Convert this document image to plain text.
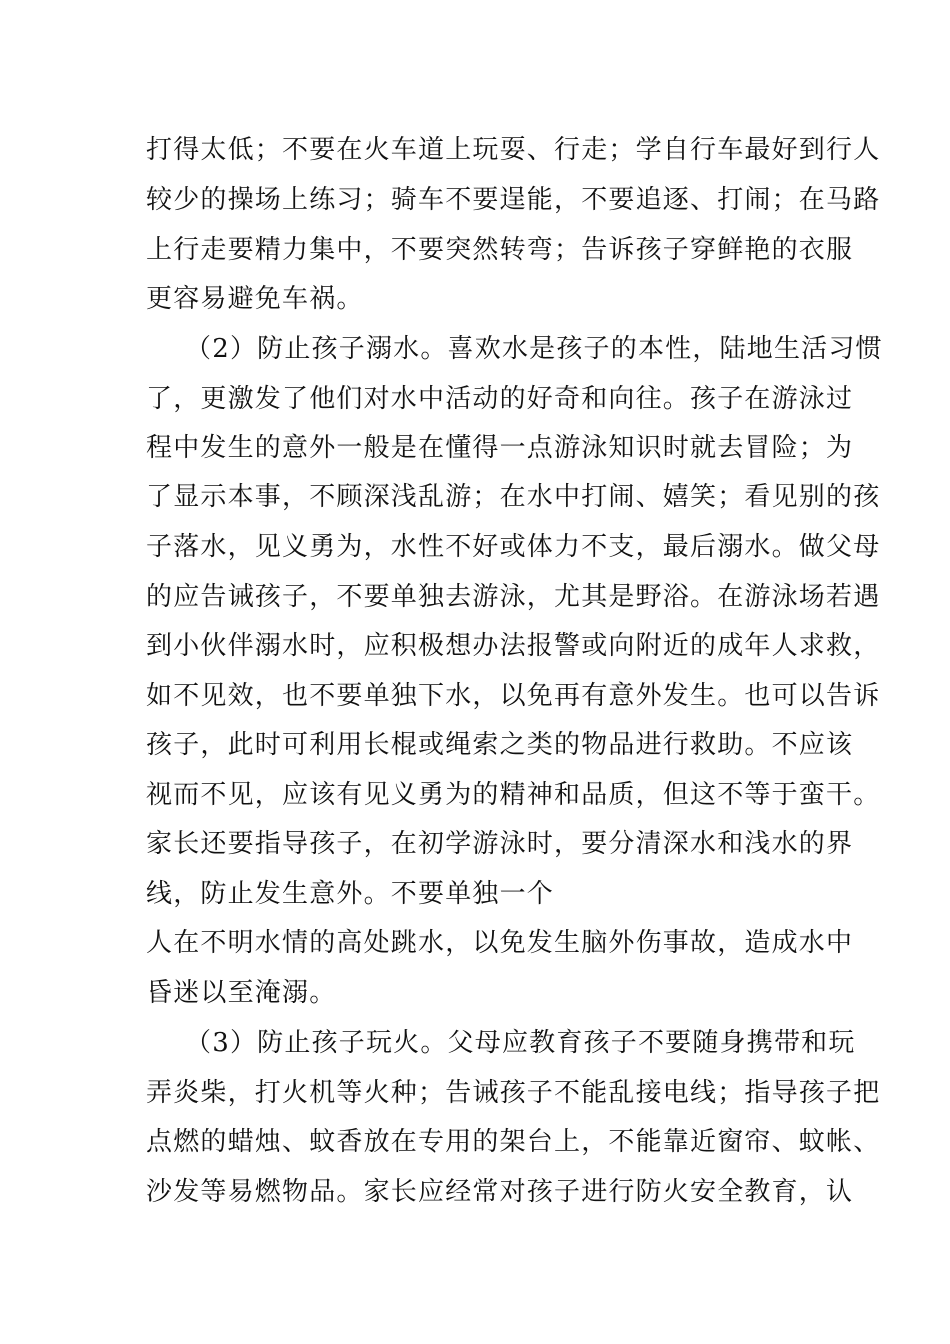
打得太低；不要在火车道上玩耍、行走；学自行车最好到行人
较少的操场上练习；骑车不要逞能，不要追逐、打闹；在马路
上行走要精力集中，不要突然转弯；告诉孩子穿鲜艳的衣服
更容易避免车祸。
（2）防止孩子溺水。喜欢水是孩子的本性，陆地生活习惯
了，更激发了他们对水中活动的好奇和向往。孩子在游泳过
程中发生的意外一般是在懂得一点游泳知识时就去冒险；为
了显示本事，不顾深浅乱游；在水中打闹、嬉笑；看见别的孩
子落水，见义勇为，水性不好或体力不支，最后溺水。做父母
的应告诫孩子，不要单独去游泳，尤其是野浴。在游泳场若遇
到小伙伴溺水时，应积极想办法报警或向附近的成年人求救，
如不见效，也不要单独下水，以免再有意外发生。也可以告诉
孩子，此时可利用长棍或绳索之类的物品进行救助。不应该
视而不见，应该有见义勇为的精神和品质，但这不等于蛮干。
家长还要指导孩子，在初学游泳时，要分清深水和浅水的界
线，防止发生意外。不要单独一个
人在不明水情的高处跳水，以免发生脑外伤事故，造成水中
昏迷以至淹溺。
（3）防止孩子玩火。父母应教育孩子不要随身携带和玩
弄炎柴，打火机等火种；告诫孩子不能乱接电线；指导孩子把
点燃的蜡烛、蚊香放在专用的架台上，不能靠近窗帘、蚊帐、
沙发等易燃物品。家长应经常对孩子进行防火安全教育，认
